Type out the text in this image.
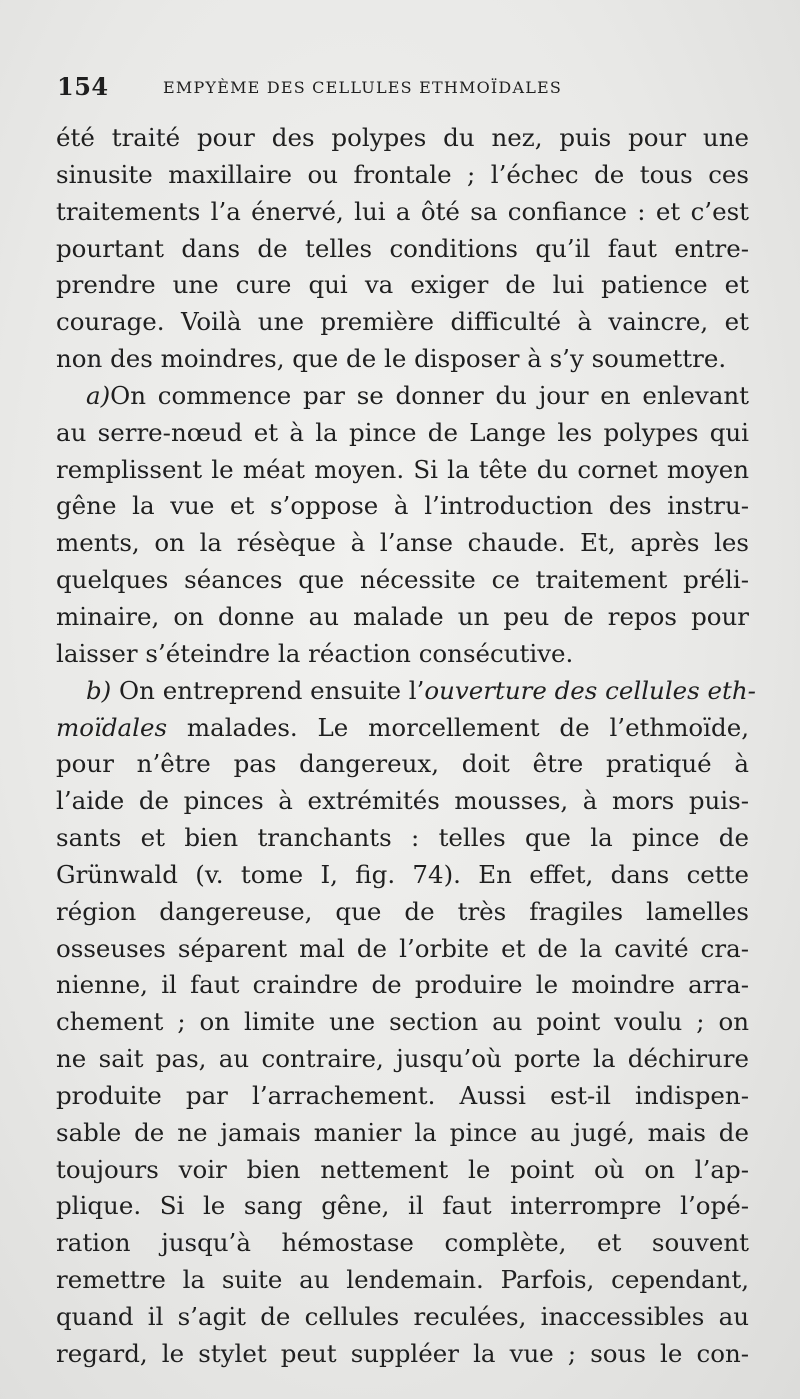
154	EMPYÈME DES CELLULES ETHMOÏDALES
été traité pour des polypes du nez, puis pour une
sinusite maxillaire ou frontale ; l’échec de tous ces
traitements l’a énervé, lui a ôté sa confiance : et c’est
pourtant dans de telles conditions qu’il faut entre-
prendre une cure qui va exiger de lui patience et
courage. Voilà une première difficulté à vaincre, et
non des moindres, que de le disposer à s’y soumettre.
a)On commence par se donner du jour en enlevant
au serre-nœud et à la pince de Lange les polypes qui
remplissent le méat moyen. Si la tête du cornet moyen
gêne la vue et s’oppose à l’introduction des instru-
ments, on la résèque à l’anse chaude. Et, après les
quelques séances que nécessite ce traitement préli-
minaire, on donne au malade un peu de repos pour
laisser s’éteindre la réaction consécutive.
b) On entreprend ensuite l’ouverture des cellules eth-
moïdales malades. Le morcellement de l’ethmoïde,
pour n’être pas dangereux, doit être pratiqué à
l’aide de pinces à extrémités mousses, à mors puis-
sants et bien tranchants : telles que la pince de
Grünwald (v. tome I, fig. 74). En effet, dans cette
région dangereuse, que de très fragiles lamelles
osseuses séparent mal de l’orbite et de la cavité cra-
nienne, il faut craindre de produire le moindre arra-
chement ; on limite une section au point voulu ; on
ne sait pas, au contraire, jusqu’où porte la déchirure
produite par l’arrachement. Aussi est-il indispen-
sable de ne jamais manier la pince au jugé, mais de
toujours voir bien nettement le point où on l’ap-
plique. Si le sang gêne, il faut interrompre l’opé-
ration jusqu’à hémostase complète, et souvent
remettre la suite au lendemain. Parfois, cependant,
quand il s’agit de cellules reculées, inaccessibles au
regard, le stylet peut suppléer la vue ; sous le con-
